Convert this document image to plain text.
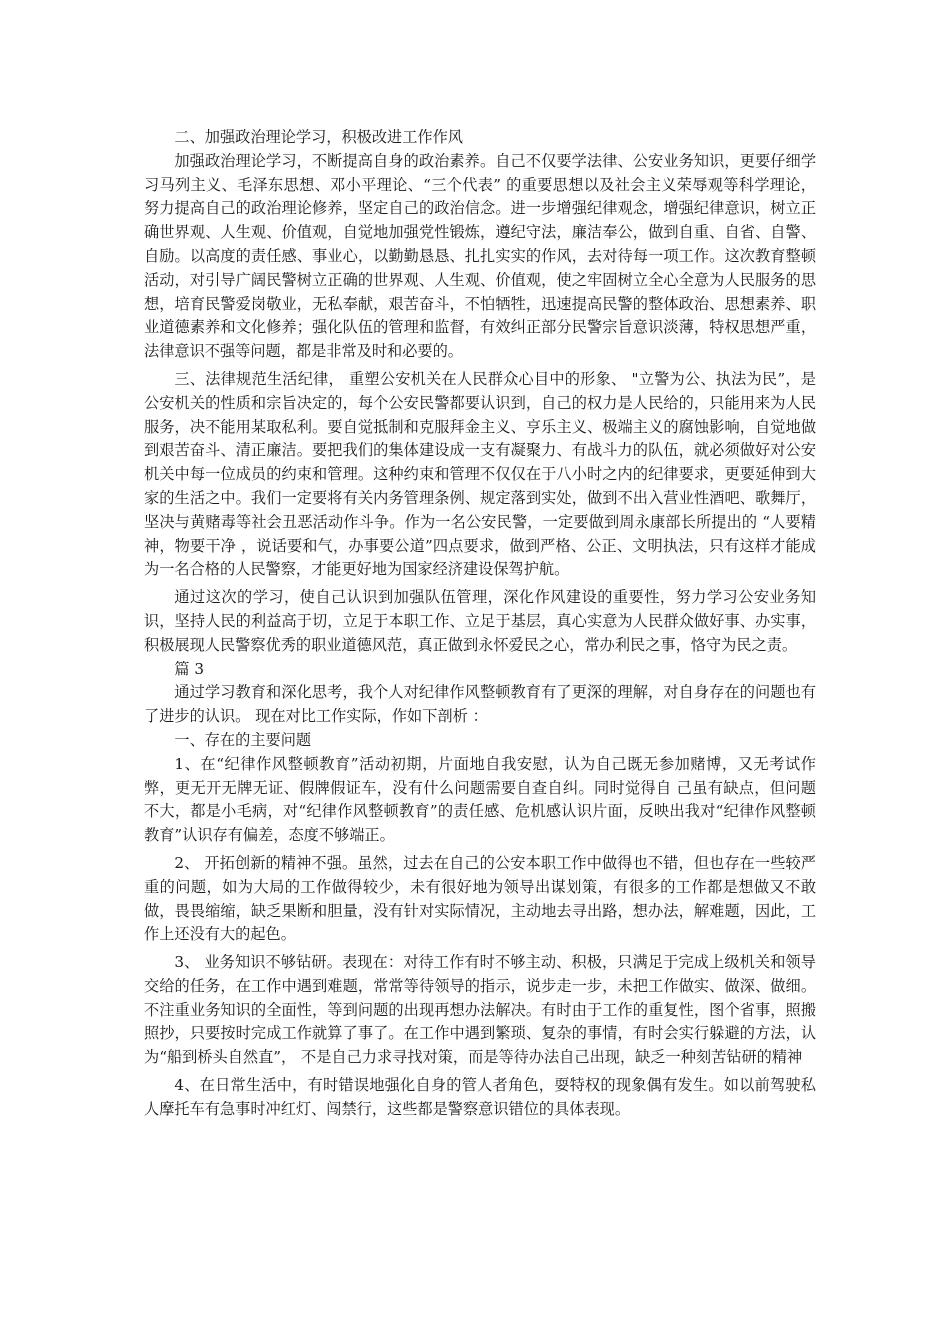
二、加强政治理论学习，积极改进工作作风

加强政治理论学习，不断提高自身的政治素养。自己不仅要学法律、公安业务知识，更要仔细学习马列主义、毛泽东思想、邓小平理论、“三个代表” 的重要思想以及社会主义荣辱观等科学理论，努力提高自己的政治理论修养，坚定自己的政治信念。进一步增强纪律观念，增强纪律意识，树立正确世界观、人生观、价值观，自觉地加强党性锻炼，遵纪守法，廉洁奉公，做到自重、自省、自警、自励。以高度的责任感、事业心，以勤勤恳恳、扎扎实实的作风，去对待每一项工作。这次教育整顿活动，对引导广阔民警树立正确的世界观、人生观、价值观，使之牢固树立全心全意为人民服务的思想，培育民警爱岗敬业，无私奉献，艰苦奋斗，不怕牺牲，迅速提高民警的整体政治、思想素养、职业道德素养和文化修养；强化队伍的管理和监督，有效纠正部分民警宗旨意识淡薄，特权思想严重，法律意识不强等问题，都是非常及时和必要的。

三、法律规范生活纪律， 重塑公安机关在人民群众心目中的形象、 "立警为公、执法为民”，是公安机关的性质和宗旨决定的，每个公安民警都要认识到，自己的权力是人民给的，只能用来为人民服务，决不能用某取私利。要自觉抵制和克服拜金主义、亨乐主义、极端主义的腐蚀影响，自觉地做到艰苦奋斗、清正廉洁。要把我们的集体建设成一支有凝聚力、有战斗力的队伍，就必须做好对公安机关中每一位成员的约束和管理。这种约束和管理不仅仅在于八小时之内的纪律要求，更要延伸到大家的生活之中。我们一定要将有关内务管理条例、规定落到实处，做到不出入营业性酒吧、歌舞厅，坚决与黄赌毒等社会丑恶活动作斗争。作为一名公安民警，一定要做到周永康部长所提出的 “人要精神，物要干净 ，说话要和气，办事要公道”四点要求，做到严格、公正、文明执法，只有这样才能成为一名合格的人民警察，才能更好地为国家经济建设保驾护航。

通过这次的学习，使自己认识到加强队伍管理，深化作风建设的重要性，努力学习公安业务知识，坚持人民的利益高于切，立足于本职工作、立足于基层，真心实意为人民群众做好事、办实事，积极展现人民警察优秀的职业道德风范，真正做到永怀爱民之心，常办利民之事，恪守为民之责。

篇 3

通过学习教育和深化思考，我个人对纪律作风整顿教育有了更深的理解，对自身存在的问题也有了进步的认识。 现在对比工作实际，作如下剖析 ：

一、存在的主要问题

1、在“纪律作风整顿教育”活动初期，片面地自我安慰，认为自己既无参加赌博，又无考试作弊，更无开无牌无证、假牌假证车，没有什么问题需要自查自纠。同时觉得自 己虽有缺点，但问题不大，都是小毛病，对“纪律作风整顿教育”的责任感、危机感认识片面，反映出我对“纪律作风整顿教育”认识存有偏差，态度不够端正。

2、 开拓创新的精神不强。虽然，过去在自己的公安本职工作中做得也不错，但也存在一些较严重的问题，如为大局的工作做得较少，未有很好地为领导出谋划策，有很多的工作都是想做又不敢做，畏畏缩缩，缺乏果断和胆量，没有针对实际情况，主动地去寻出路，想办法，解难题，因此，工作上还没有大的起色。

3、 业务知识不够钻研。表现在：对待工作有时不够主动、积极，只满足于完成上级机关和领导交给的任务，在工作中遇到难题，常常等待领导的指示，说步走一步，未把工作做实、做深、做细。不注重业务知识的全面性，等到问题的出现再想办法解决。有时由于工作的重复性，图个省事，照搬照抄，只要按时完成工作就算了事了。在工作中遇到繁琐、复杂的事情，有时会实行躲避的方法，认为“船到桥头自然直”， 不是自己力求寻找对策，而是等待办法自己出现，缺乏一种刻苦钻研的精神

4、在日常生活中，有时错误地强化自身的管人者角色，耍特权的现象偶有发生。如以前驾驶私人摩托车有急事时冲红灯、闯禁行，这些都是警察意识错位的具体表现。
